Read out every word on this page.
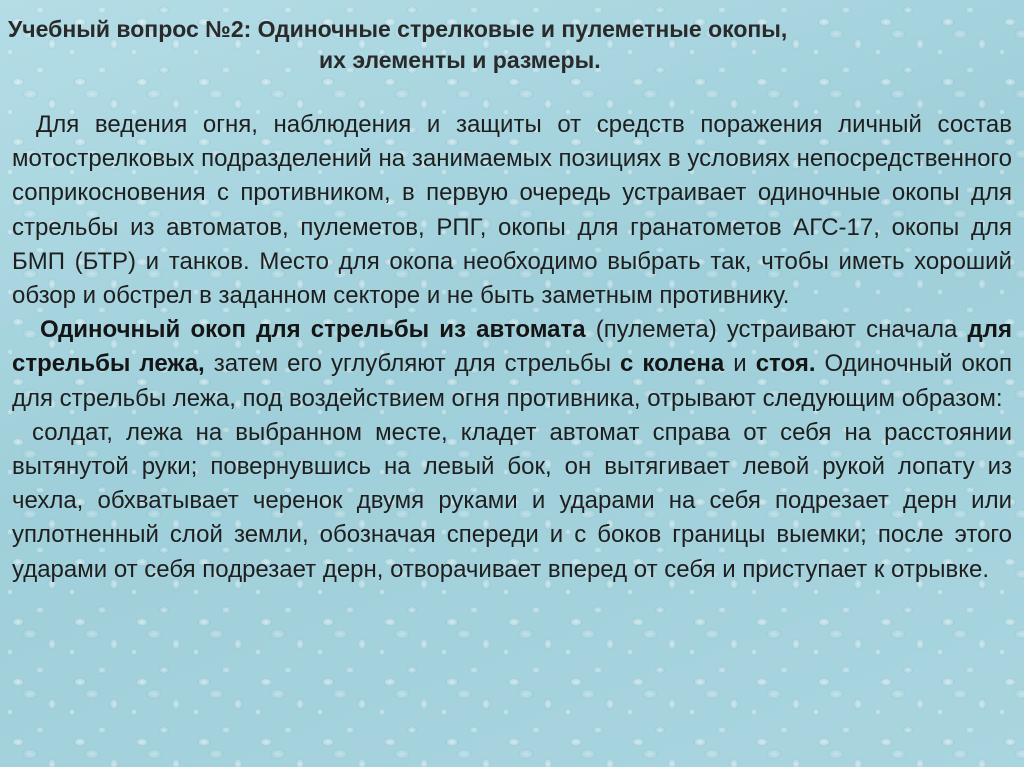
Учебный вопрос №2: Одиночные стрелковые и пулеметные окопы,
их элементы и размеры.

Для ведения огня, наблюдения и защиты от средств поражения личный состав мотострелковых подразделений на занимаемых позициях в условиях непосредственного соприкосновения с противником, в первую очередь устраивает одиночные окопы для стрельбы из автоматов, пулеметов, РПГ, окопы для гранатометов АГС-17, окопы для БМП (БТР) и танков. Место для окопа необходимо выбрать так, чтобы иметь хороший обзор и обстрел в заданном секторе и не быть заметным противнику.

Одиночный окоп для стрельбы из автомата (пулемета) устраивают сначала для стрельбы лежа, затем его углубляют для стрельбы с колена и стоя. Одиночный окоп для стрельбы лежа, под воздействием огня противника, отрывают следующим образом:

солдат, лежа на выбранном месте, кладет автомат справа от себя на расстоянии вытянутой руки; повернувшись на левый бок, он вытягивает левой рукой лопату из чехла, обхватывает черенок двумя руками и ударами на себя подрезает дерн или уплотненный слой земли, обозначая спереди и с боков границы выемки; после этого ударами от себя подрезает дерн, отворачивает вперед от себя и приступает к отрывке.
